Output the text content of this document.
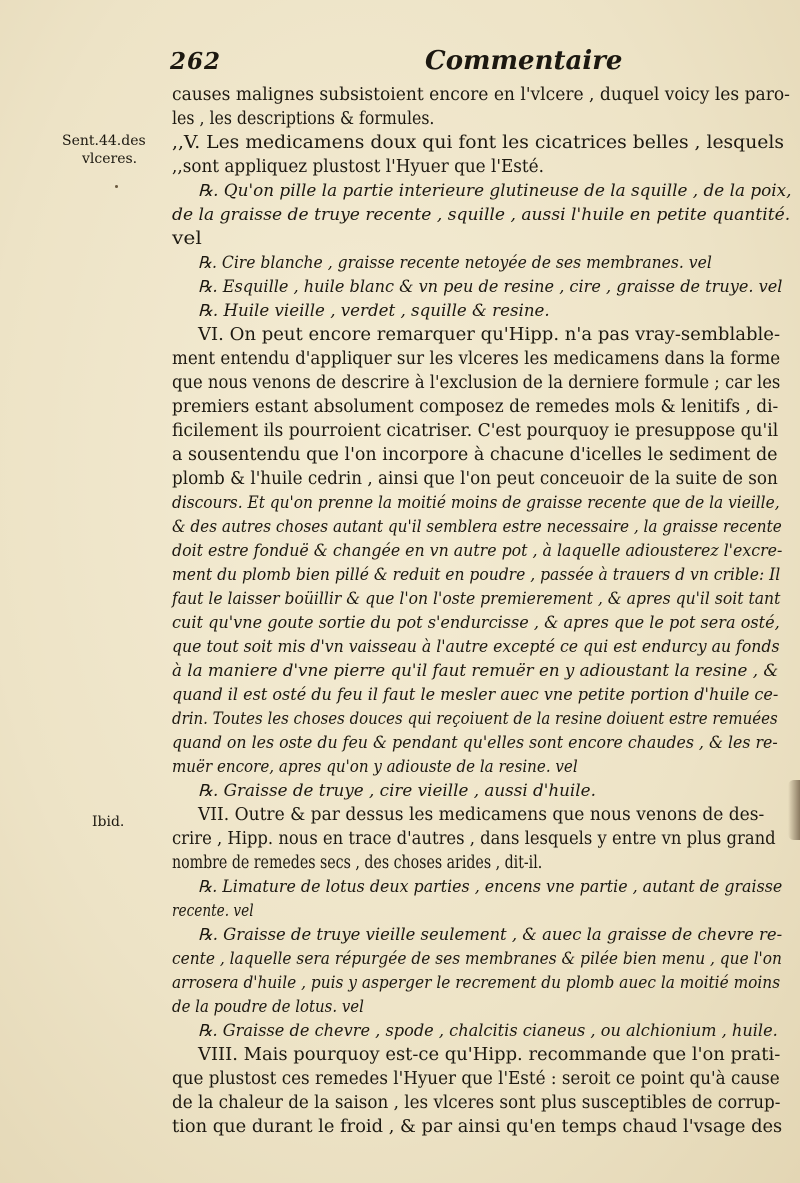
262	Commentaire
Sent.44.des
vlceres.
Ibid.
causes malignes subsistoient encore en l'vlcere , duquel voicy les paro-
les , les descriptions & formules.
,,V. Les medicamens doux qui font les cicatrices belles , lesquels
,,sont appliquez plustost l'Hyuer que l'Esté.
℞. Qu'on pille la partie interieure glutineuse de la squille , de la poix,
de la graisse de truye recente , squille , aussi l'huile en petite quantité.
vel
℞. Cire blanche , graisse recente netoyée de ses membranes. vel
℞. Esquille , huile blanc & vn peu de resine , cire , graisse de truye. vel
℞. Huile vieille , verdet , squille & resine.
VI. On peut encore remarquer qu'Hipp. n'a pas vray-semblable-
ment entendu d'appliquer sur les vlceres les medicamens dans la forme
que nous venons de descrire à l'exclusion de la derniere formule ; car les
premiers estant absolument composez de remedes mols & lenitifs , di-
ficilement ils pourroient cicatriser. C'est pourquoy ie presuppose qu'il
a sousentendu que l'on incorpore à chacune d'icelles le sediment de
plomb & l'huile cedrin , ainsi que l'on peut conceuoir de la suite de son
discours. Et qu'on prenne la moitié moins de graisse recente que de la vieille,
& des autres choses autant qu'il semblera estre necessaire , la graisse recente
doit estre fonduë & changée en vn autre pot , à laquelle adiousterez l'excre-
ment du plomb bien pillé & reduit en poudre , passée à trauers d vn crible: Il
faut le laisser boüillir & que l'on l'oste premierement , & apres qu'il soit tant
cuit qu'vne goute sortie du pot s'endurcisse , & apres que le pot sera osté,
que tout soit mis d'vn vaisseau à l'autre excepté ce qui est endurcy au fonds
à la maniere d'vne pierre qu'il faut remuër en y adioustant la resine , &
quand il est osté du feu il faut le mesler auec vne petite portion d'huile ce-
drin. Toutes les choses douces qui reçoiuent de la resine doiuent estre remuées
quand on les oste du feu & pendant qu'elles sont encore chaudes , & les re-
muër encore, apres qu'on y adiouste de la resine. vel
℞. Graisse de truye , cire vieille , aussi d'huile.
VII. Outre & par dessus les medicamens que nous venons de des-
crire , Hipp. nous en trace d'autres , dans lesquels y entre vn plus grand
nombre de remedes secs , des choses arides , dit-il.
℞. Limature de lotus deux parties , encens vne partie , autant de graisse
recente. vel
℞. Graisse de truye vieille seulement , & auec la graisse de chevre re-
cente , laquelle sera répurgée de ses membranes & pilée bien menu , que l'on
arrosera d'huile , puis y asperger le recrement du plomb auec la moitié moins
de la poudre de lotus. vel
℞. Graisse de chevre , spode , chalcitis cianeus , ou alchionium , huile.
VIII. Mais pourquoy est-ce qu'Hipp. recommande que l'on prati-
que plustost ces remedes l'Hyuer que l'Esté : seroit ce point qu'à cause
de la chaleur de la saison , les vlceres sont plus susceptibles de corrup-
tion que durant le froid , & par ainsi qu'en temps chaud l'vsage des
